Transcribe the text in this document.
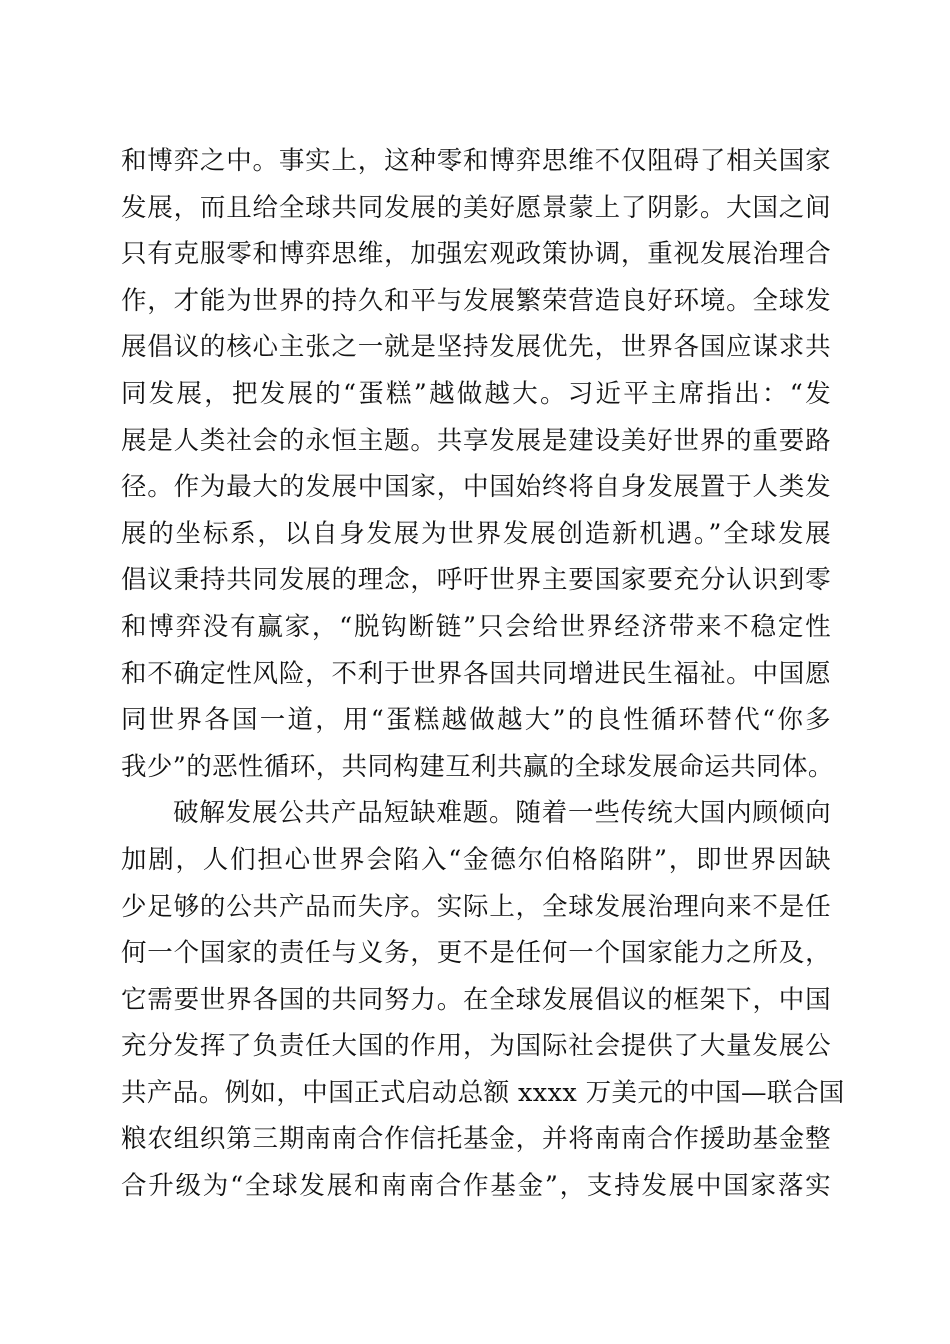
和博弈之中。事实上，这种零和博弈思维不仅阻碍了相关国家
发展，而且给全球共同发展的美好愿景蒙上了阴影。大国之间
只有克服零和博弈思维，加强宏观政策协调，重视发展治理合
作，才能为世界的持久和平与发展繁荣营造良好环境。全球发
展倡议的核心主张之一就是坚持发展优先，世界各国应谋求共
同发展，把发展的“蛋糕”越做越大。习近平主席指出：“发
展是人类社会的永恒主题。共享发展是建设美好世界的重要路
径。作为最大的发展中国家，中国始终将自身发展置于人类发
展的坐标系，以自身发展为世界发展创造新机遇。”全球发展
倡议秉持共同发展的理念，呼吁世界主要国家要充分认识到零
和博弈没有赢家，“脱钩断链”只会给世界经济带来不稳定性
和不确定性风险，不利于世界各国共同增进民生福祉。中国愿
同世界各国一道，用“蛋糕越做越大”的良性循环替代“你多
我少”的恶性循环，共同构建互利共赢的全球发展命运共同体。
破解发展公共产品短缺难题。随着一些传统大国内顾倾向
加剧，人们担心世界会陷入“金德尔伯格陷阱”，即世界因缺
少足够的公共产品而失序。实际上，全球发展治理向来不是任
何一个国家的责任与义务，更不是任何一个国家能力之所及，
它需要世界各国的共同努力。在全球发展倡议的框架下，中国
充分发挥了负责任大国的作用，为国际社会提供了大量发展公
共产品。例如，中国正式启动总额 xxxx 万美元的中国—联合国
粮农组织第三期南南合作信托基金，并将南南合作援助基金整
合升级为“全球发展和南南合作基金”，支持发展中国家落实
